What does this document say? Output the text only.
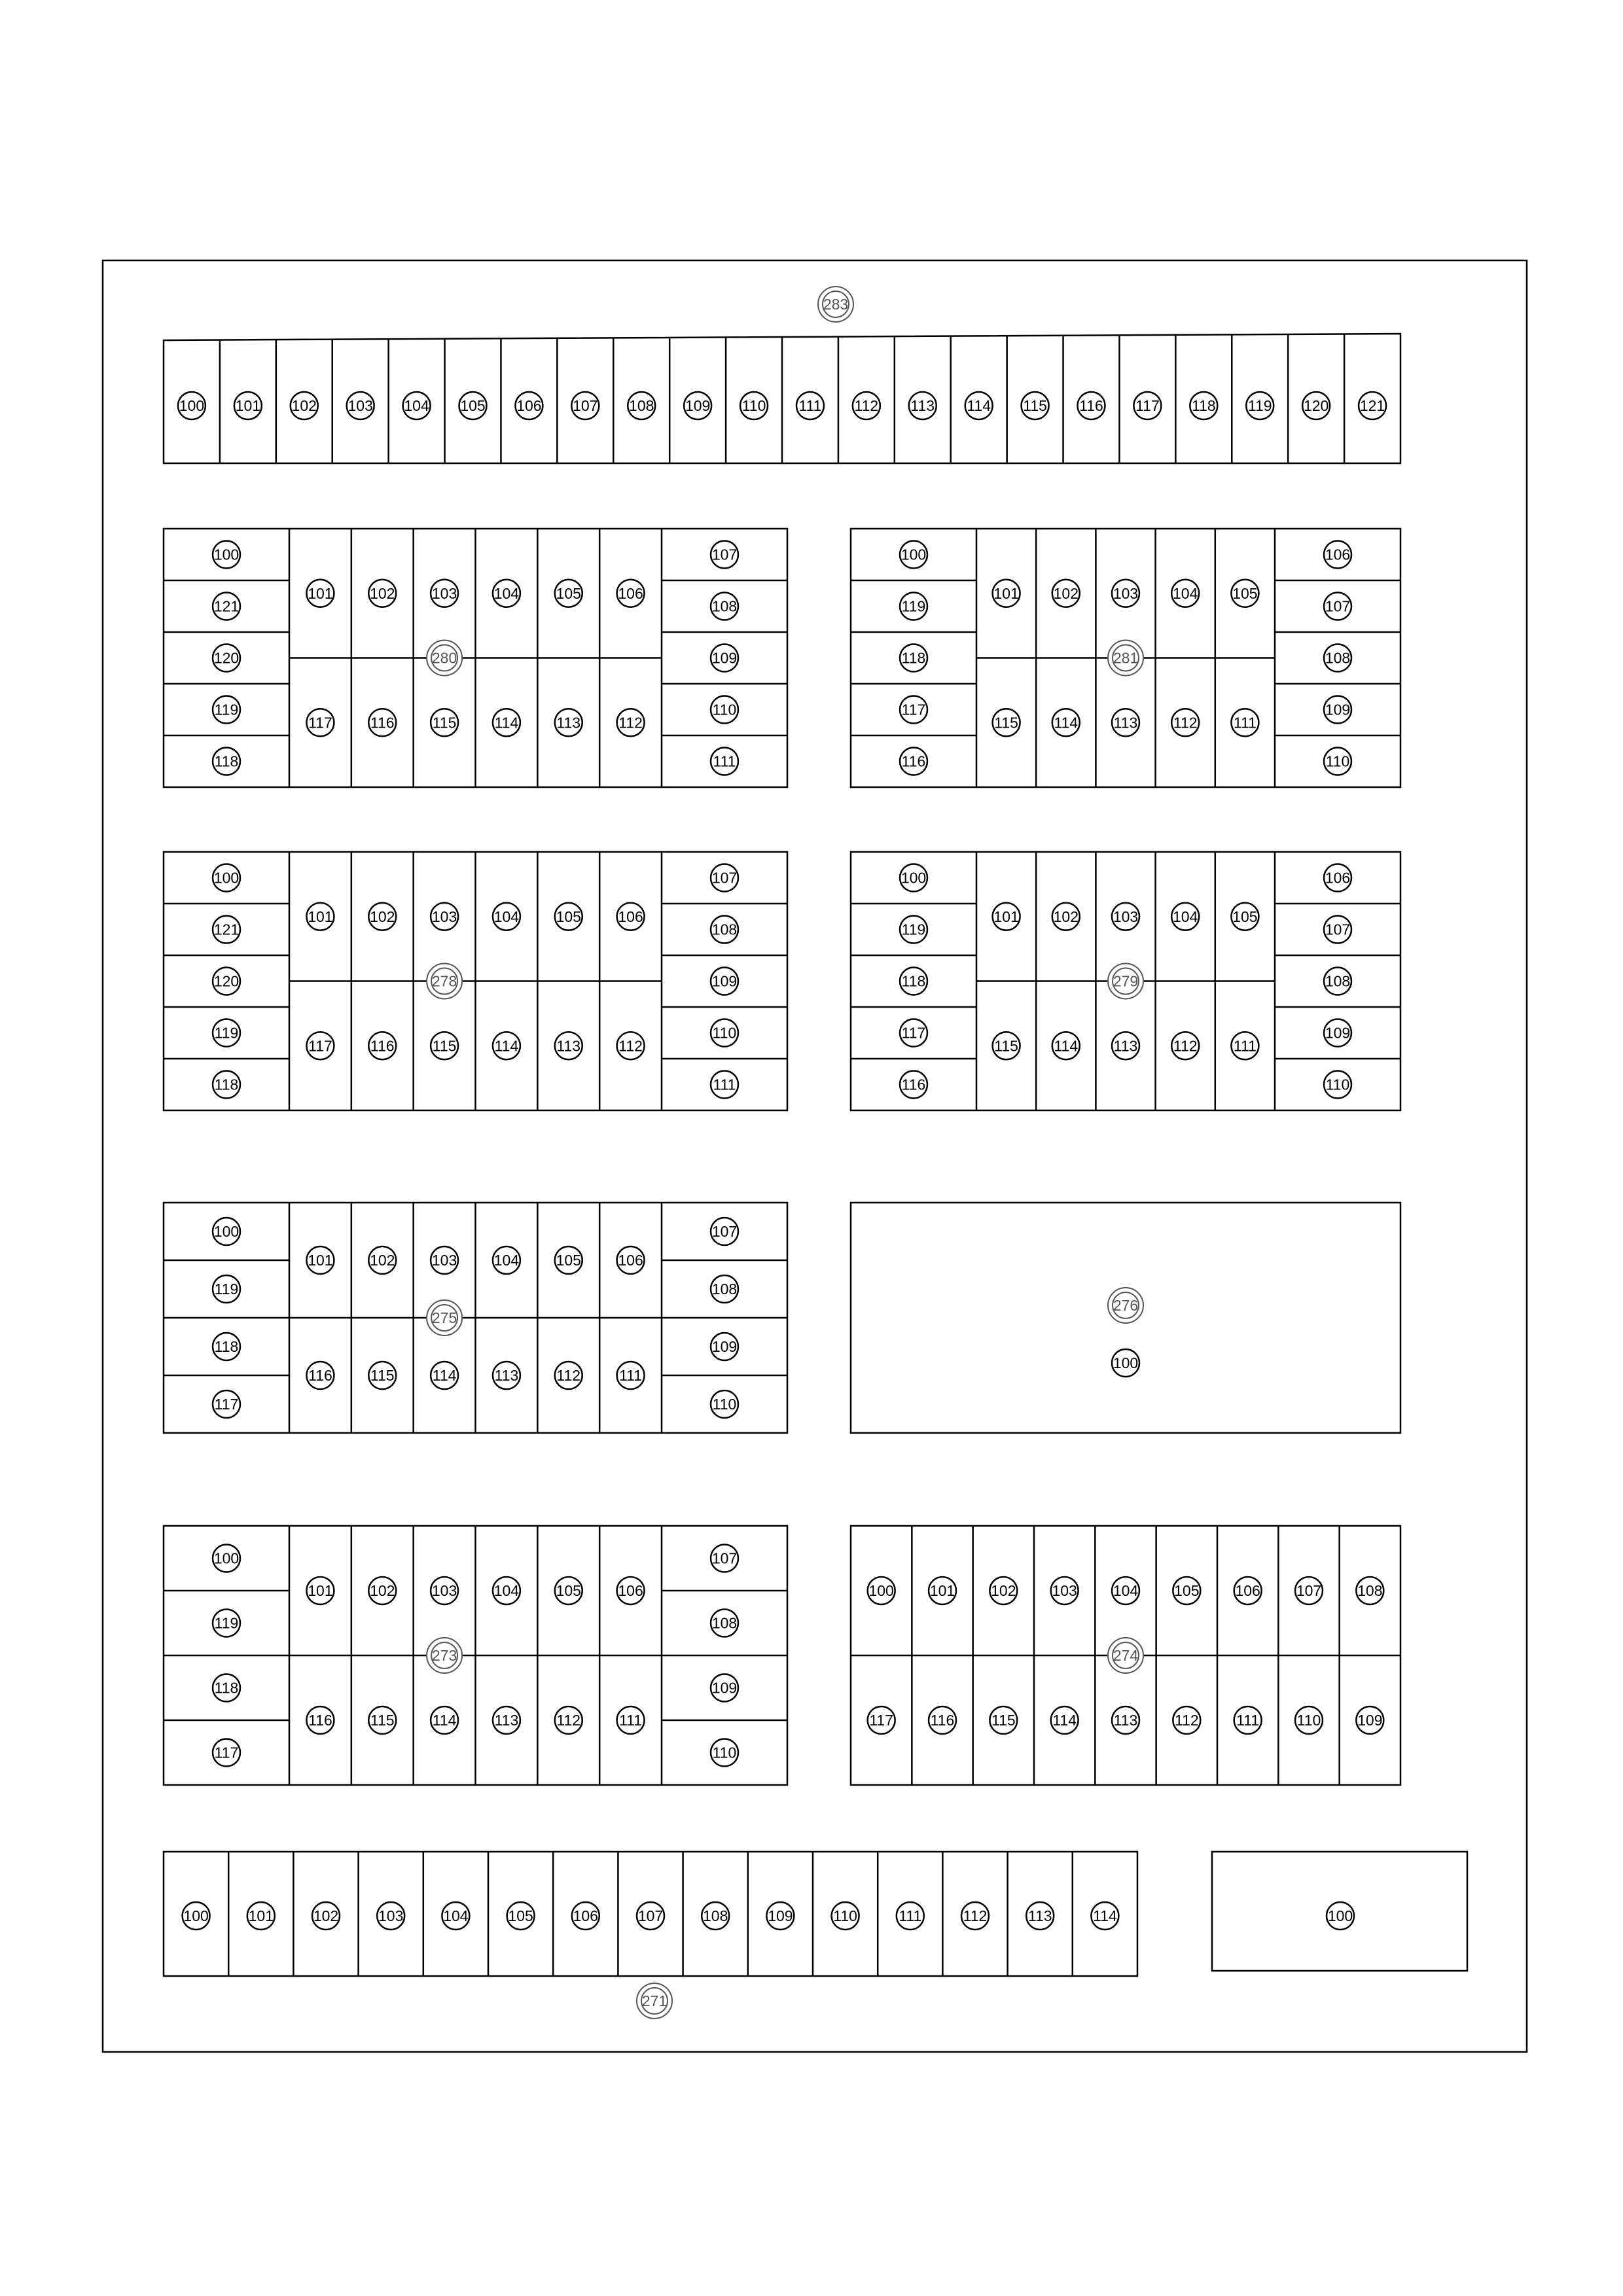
100 101 102 103 104 105 106 107 108 109 110 111 112 113 114 115 116 117 118 119 120 121
283
100
121
120
119
118
107
108
109
110
111
101 102 103 104 105 106
117	116	115	114	113	112
280
100
119
118
117
116
106
107
108
109
110
101 102 103 104 105
115 114 113 112 111
281
100
121
120
119
118
107
108
109
110
111
101 102 103 104 105 106
117	116	115	114	113	112
278
100
119
118
117
116
106
107
108
109
110
101 102 103 104 105
115 114 113 112 111
279
100
119
118
117
107
108
109
110
101 102 103 104 105 106
116	115	114	113	112	111
275
100
119
118
117
107
108
109
110
101 102 103 104 105 106
116	115	114	113	112	111
273
100 101 102 103 104 105 106 107 108
117 116 115 114 113 112	111	110 109
274
276
100
100	101	102	103	104	105	106	107	108	109	110	111	112	113	114
271
100
